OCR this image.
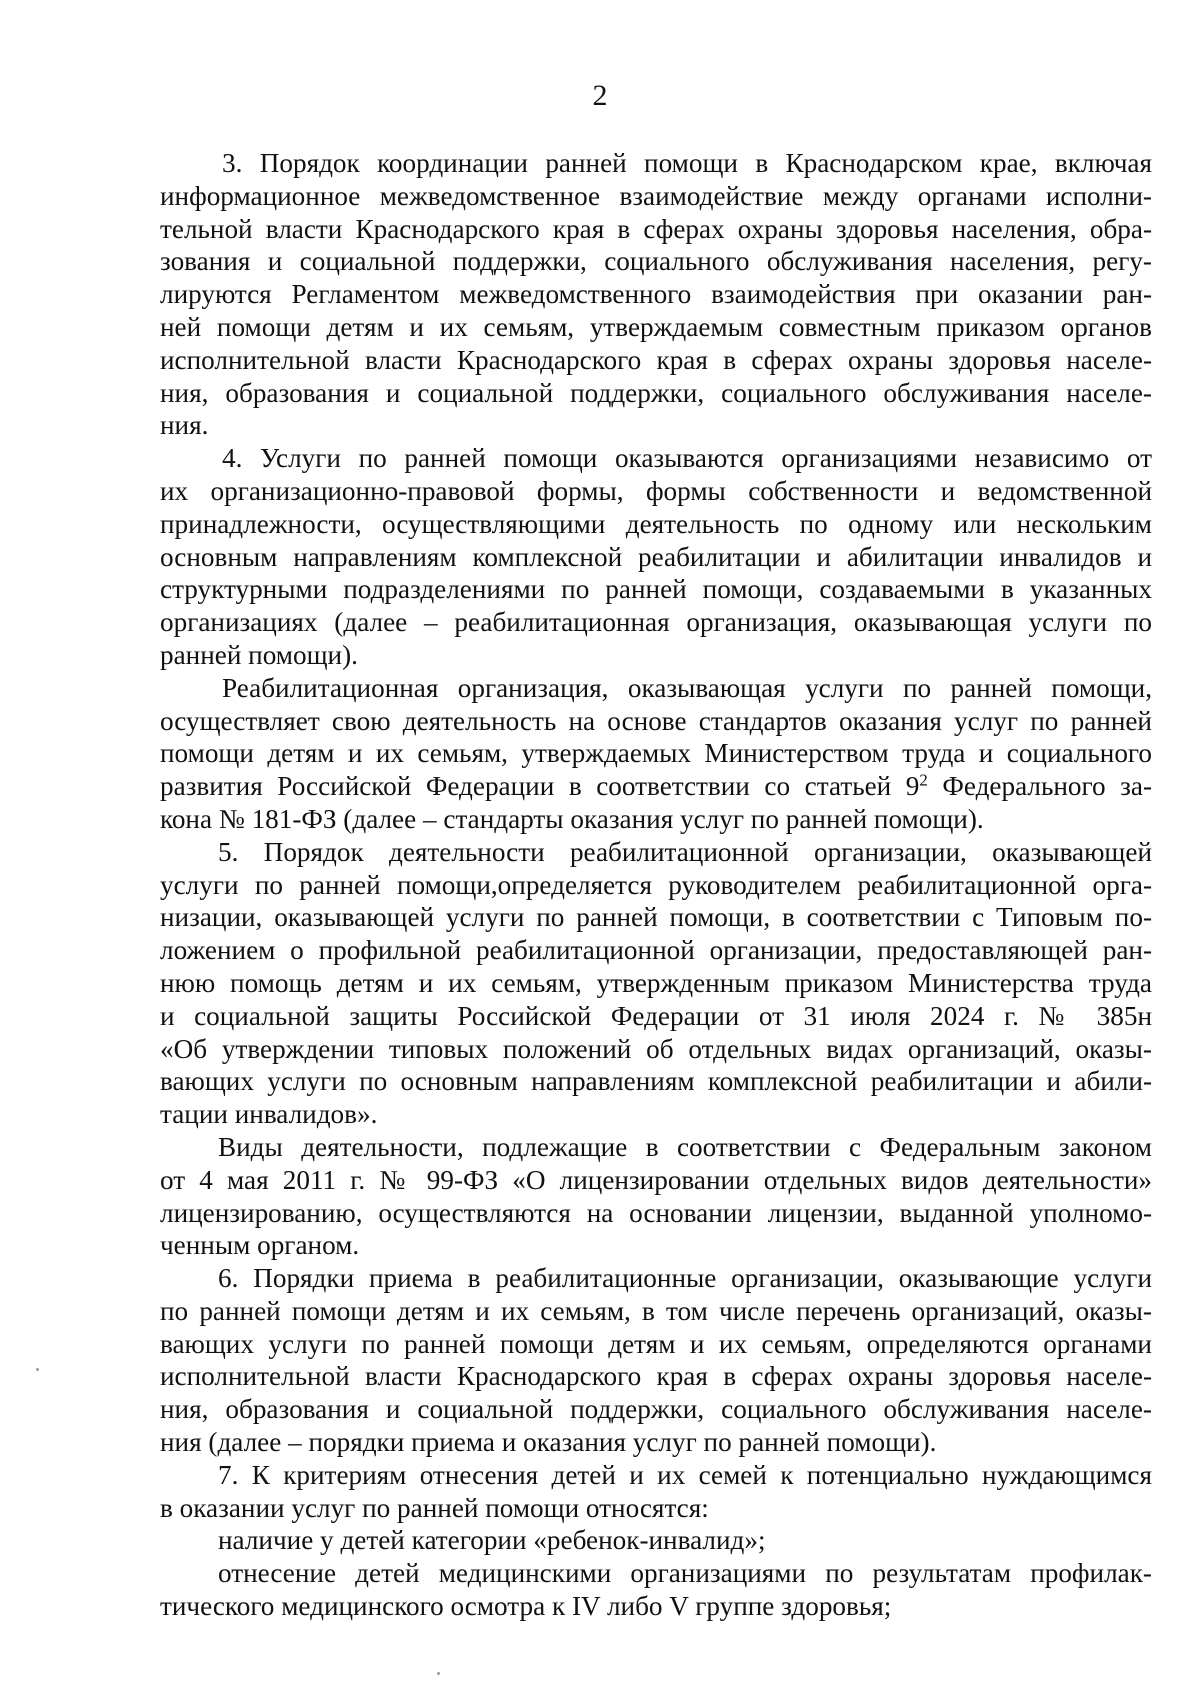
2
3. Порядок координации ранней помощи в Краснодарском крае, включая
информационное межведомственное взаимодействие между органами исполни-
тельной власти Краснодарского края в сферах охраны здоровья населения, обра-
зования и социальной поддержки, социального обслуживания населения, регу-
лируются Регламентом межведомственного взаимодействия при оказании ран-
ней помощи детям и их семьям, утверждаемым совместным приказом органов
исполнительной власти Краснодарского края в сферах охраны здоровья населе-
ния, образования и социальной поддержки, социального обслуживания населе-
ния.
4. Услуги по ранней помощи оказываются организациями независимо от
их организационно-правовой формы, формы собственности и ведомственной
принадлежности, осуществляющими деятельность по одному или нескольким
основным направлениям комплексной реабилитации и абилитации инвалидов и
структурными подразделениями по ранней помощи, создаваемыми в указанных
организациях (далее – реабилитационная организация, оказывающая услуги по
ранней помощи).
Реабилитационная организация, оказывающая услуги по ранней помощи,
осуществляет свою деятельность на основе стандартов оказания услуг по ранней
помощи детям и их семьям, утверждаемых Министерством труда и социального
развития Российской Федерации в соответствии со статьей $9^2$ Федерального за-
кона № 181-ФЗ (далее – стандарты оказания услуг по ранней помощи).
5. Порядок деятельности реабилитационной организации, оказывающей
услуги по ранней помощи,определяется руководителем реабилитационной орга-
низации, оказывающей услуги по ранней помощи, в соответствии с Типовым по-
ложением о профильной реабилитационной организации, предоставляющей ран-
нюю помощь детям и их семьям, утвержденным приказом Министерства труда
и социальной защиты Российской Федерации от 31 июля 2024 г. № 385н
«Об утверждении типовых положений об отдельных видах организаций, оказы-
вающих услуги по основным направлениям комплексной реабилитации и абили-
тации инвалидов».
Виды деятельности, подлежащие в соответствии с Федеральным законом
от 4 мая 2011 г. № 99-ФЗ «О лицензировании отдельных видов деятельности»
лицензированию, осуществляются на основании лицензии, выданной уполномо-
ченным органом.
6. Порядки приема в реабилитационные организации, оказывающие услуги
по ранней помощи детям и их семьям, в том числе перечень организаций, оказы-
вающих услуги по ранней помощи детям и их семьям, определяются органами
исполнительной власти Краснодарского края в сферах охраны здоровья населе-
ния, образования и социальной поддержки, социального обслуживания населе-
ния (далее – порядки приема и оказания услуг по ранней помощи).
7. К критериям отнесения детей и их семей к потенциально нуждающимся
в оказании услуг по ранней помощи относятся:
наличие у детей категории «ребенок-инвалид»;
отнесение детей медицинскими организациями по результатам профилак-
тического медицинского осмотра к IV либо V группе здоровья;
